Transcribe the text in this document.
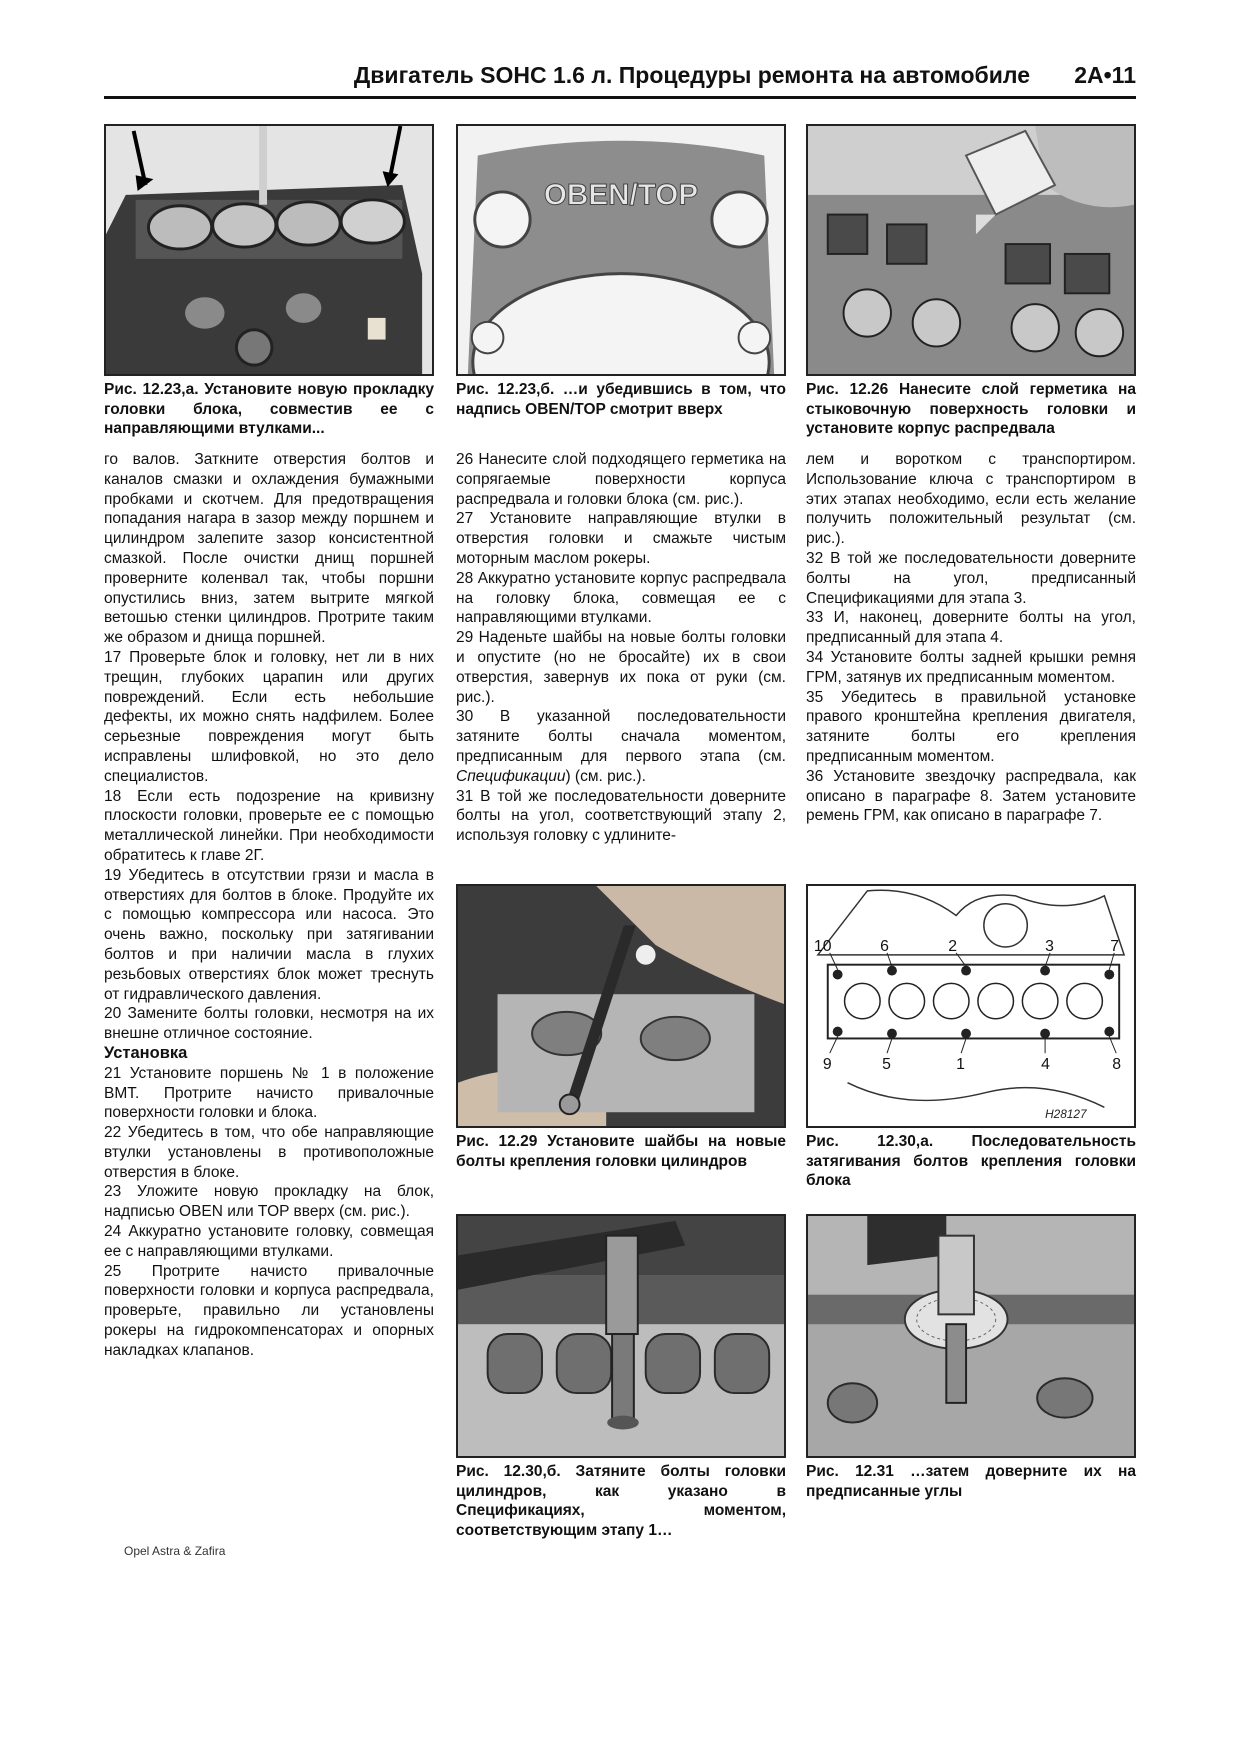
Двигатель SOHC 1.6 л. Процедуры ремонта на автомобиле	2A•11
Рис. 12.23,а. Установите новую прокладку головки блока, совместив ее с направляющими втулками...
OBEN/TOP
Рис. 12.23,б. …и убедившись в том, что надпись OBEN/TOP смотрит вверх
Рис. 12.26 Нанесите слой герметика на стыковочную поверхность головки и установите корпус распредвала

го валов. Заткните отверстия болтов и каналов смазки и охлаждения бумажными пробками и скотчем. Для предотвращения попадания нагара в зазор между поршнем и цилиндром залепите зазор консистентной смазкой. После очистки днищ поршней проверните коленвал так, чтобы поршни опустились вниз, затем вытрите мягкой ветошью стенки цилиндров. Протрите таким же образом и днища поршней.

17 Проверьте блок и головку, нет ли в них трещин, глубоких царапин или других повреждений. Если есть небольшие дефекты, их можно снять надфилем. Более серьезные повреждения могут быть исправлены шлифовкой, но это дело специалистов.

18 Если есть подозрение на кривизну плоскости головки, проверьте ее с помощью металлической линейки. При необходимости обратитесь к главе 2Г.

19 Убедитесь в отсутствии грязи и масла в отверстиях для болтов в блоке. Продуйте их с помощью компрессора или насоса. Это очень важно, поскольку при затягивании болтов и при наличии масла в глухих резьбовых отверстиях блок может треснуть от гидравлического давления.

20 Замените болты головки, несмотря на их внешне отличное состояние.

Установка

21 Установите поршень № 1 в положение ВМТ. Протрите начисто привалочные поверхности головки и блока.

22 Убедитесь в том, что обе направляющие втулки установлены в противоположные отверстия в блоке.

23 Уложите новую прокладку на блок, надписью OBEN или TOP вверх (см. рис.).

24 Аккуратно установите головку, совмещая ее с направляющими втулками.

25 Протрите начисто привалочные поверхности головки и корпуса распредвала, проверьте, правильно ли установлены рокеры на гидрокомпенсаторах и опорных накладках клапанов.

26 Нанесите слой подходящего герметика на сопрягаемые поверхности корпуса распредвала и головки блока (см. рис.).

27 Установите направляющие втулки в отверстия головки и смажьте чистым моторным маслом рокеры.

28 Аккуратно установите корпус распредвала на головку блока, совмещая ее с направляющими втулками.

29 Наденьте шайбы на новые болты головки и опустите (но не бросайте) их в свои отверстия, завернув их пока от руки (см. рис.).

30 В указанной последовательности затяните болты сначала моментом, предписанным для первого этапа (см. Спецификации) (см. рис.).

31 В той же последовательности доверните болты на угол, соответствующий этапу 2, используя головку с удлините-

лем и воротком с транспортиром. Использование ключа с транспортиром в этих этапах необходимо, если есть желание получить положительный результат (см. рис.).

32 В той же последовательности доверните болты на угол, предписанный Спецификациями для этапа 3.

33 И, наконец, доверните болты на угол, предписанный для этапа 4.

34 Установите болты задней крышки ремня ГРМ, затянув их предписанным моментом.

35 Убедитесь в правильной установке правого кронштейна крепления двигателя, затяните болты его крепления предписанным моментом.

36 Установите звездочку распредвала, как описано в параграфе 8. Затем установите ремень ГРМ, как описано в параграфе 7.

Рис. 12.29 Установите шайбы на новые болты крепления головки цилиндров
10	6	2	3	7
9	5	1	4	8
H28127
Рис. 12.30,а. Последовательность затягивания болтов крепления головки блока
Рис. 12.30,б. Затяните болты головки цилиндров, как указано в Спецификациях, моментом, соответствующим этапу 1…
Рис. 12.31 …затем доверните их на предписанные углы
Opel Astra & Zafira
